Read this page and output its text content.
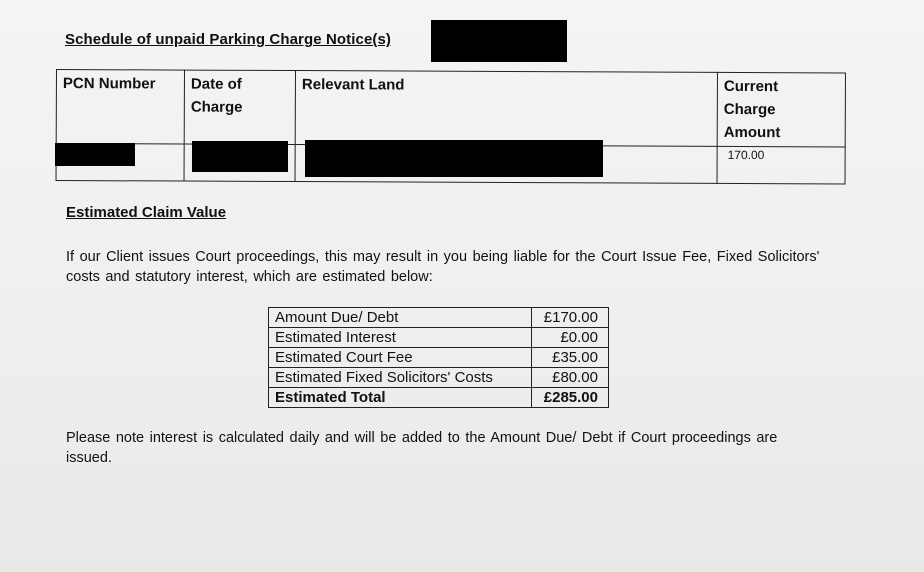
Schedule of unpaid Parking Charge Notice(s)
PCN Number	Date of Charge	Relevant Land	Current Charge Amount

			170.00
Estimated Claim Value
If our Client issues Court proceedings, this may result in you being liable for the Court Issue Fee, Fixed Solicitors' costs and statutory interest, which are estimated below:
Amount Due/ Debt	£170.00
Estimated Interest	£0.00
Estimated Court Fee	£35.00
Estimated Fixed Solicitors' Costs	£80.00
Estimated Total	£285.00
Please note interest is calculated daily and will be added to the Amount Due/ Debt if Court proceedings are issued.
